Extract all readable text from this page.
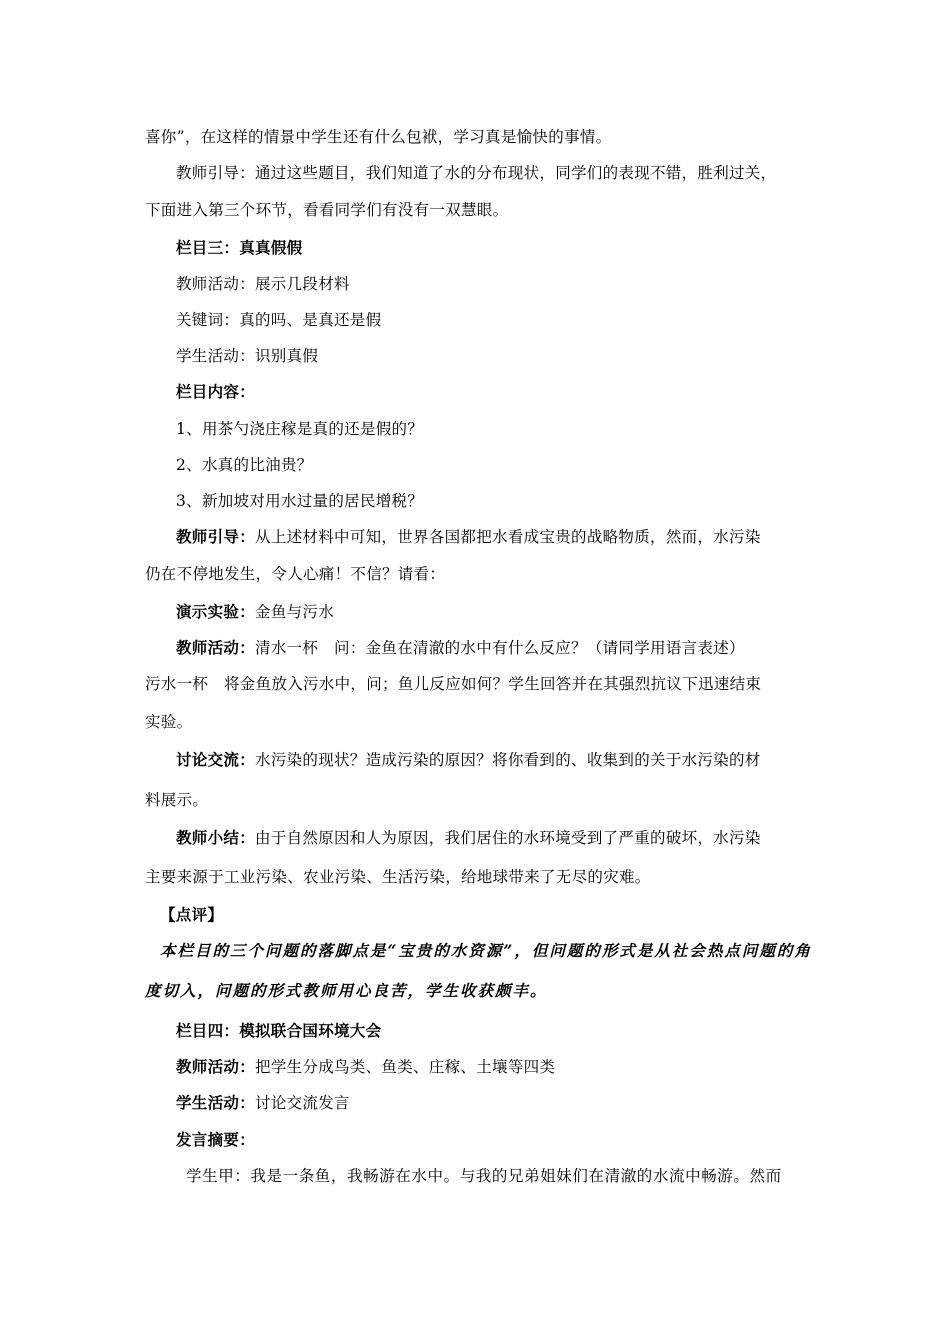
喜你”，在这样的情景中学生还有什么包袱，学习真是愉快的事情。
教师引导：通过这些题目，我们知道了水的分布现状，同学们的表现不错，胜利过关，
下面进入第三个环节，看看同学们有没有一双慧眼。
栏目三：真真假假
教师活动：展示几段材料
关键词：真的吗、是真还是假
学生活动：识别真假
栏目内容：
1、用茶勺浇庄稼是真的还是假的？
2、水真的比油贵？
3、新加坡对用水过量的居民增税？
教师引导：从上述材料中可知，世界各国都把水看成宝贵的战略物质，然而，水污染
仍在不停地发生，令人心痛！不信？请看：
演示实验：金鱼与污水
教师活动：清水一杯　问：金鱼在清澈的水中有什么反应？（请同学用语言表述）
污水一杯　将金鱼放入污水中，问；鱼儿反应如何？学生回答并在其强烈抗议下迅速结束
实验。
讨论交流：水污染的现状？造成污染的原因？将你看到的、收集到的关于水污染的材
料展示。
教师小结：由于自然原因和人为原因，我们居住的水环境受到了严重的破坏，水污染
主要来源于工业污染、农业污染、生活污染，给地球带来了无尽的灾难。
【点评】
本栏目的三个问题的落脚点是“宝贵的水资源”，但问题的形式是从社会热点问题的角
度切入，问题的形式教师用心良苦，学生收获颇丰。
栏目四：模拟联合国环境大会
教师活动：把学生分成鸟类、鱼类、庄稼、土壤等四类
学生活动：讨论交流发言
发言摘要：
学生甲：我是一条鱼，我畅游在水中。与我的兄弟姐妹们在清澈的水流中畅游。然而
